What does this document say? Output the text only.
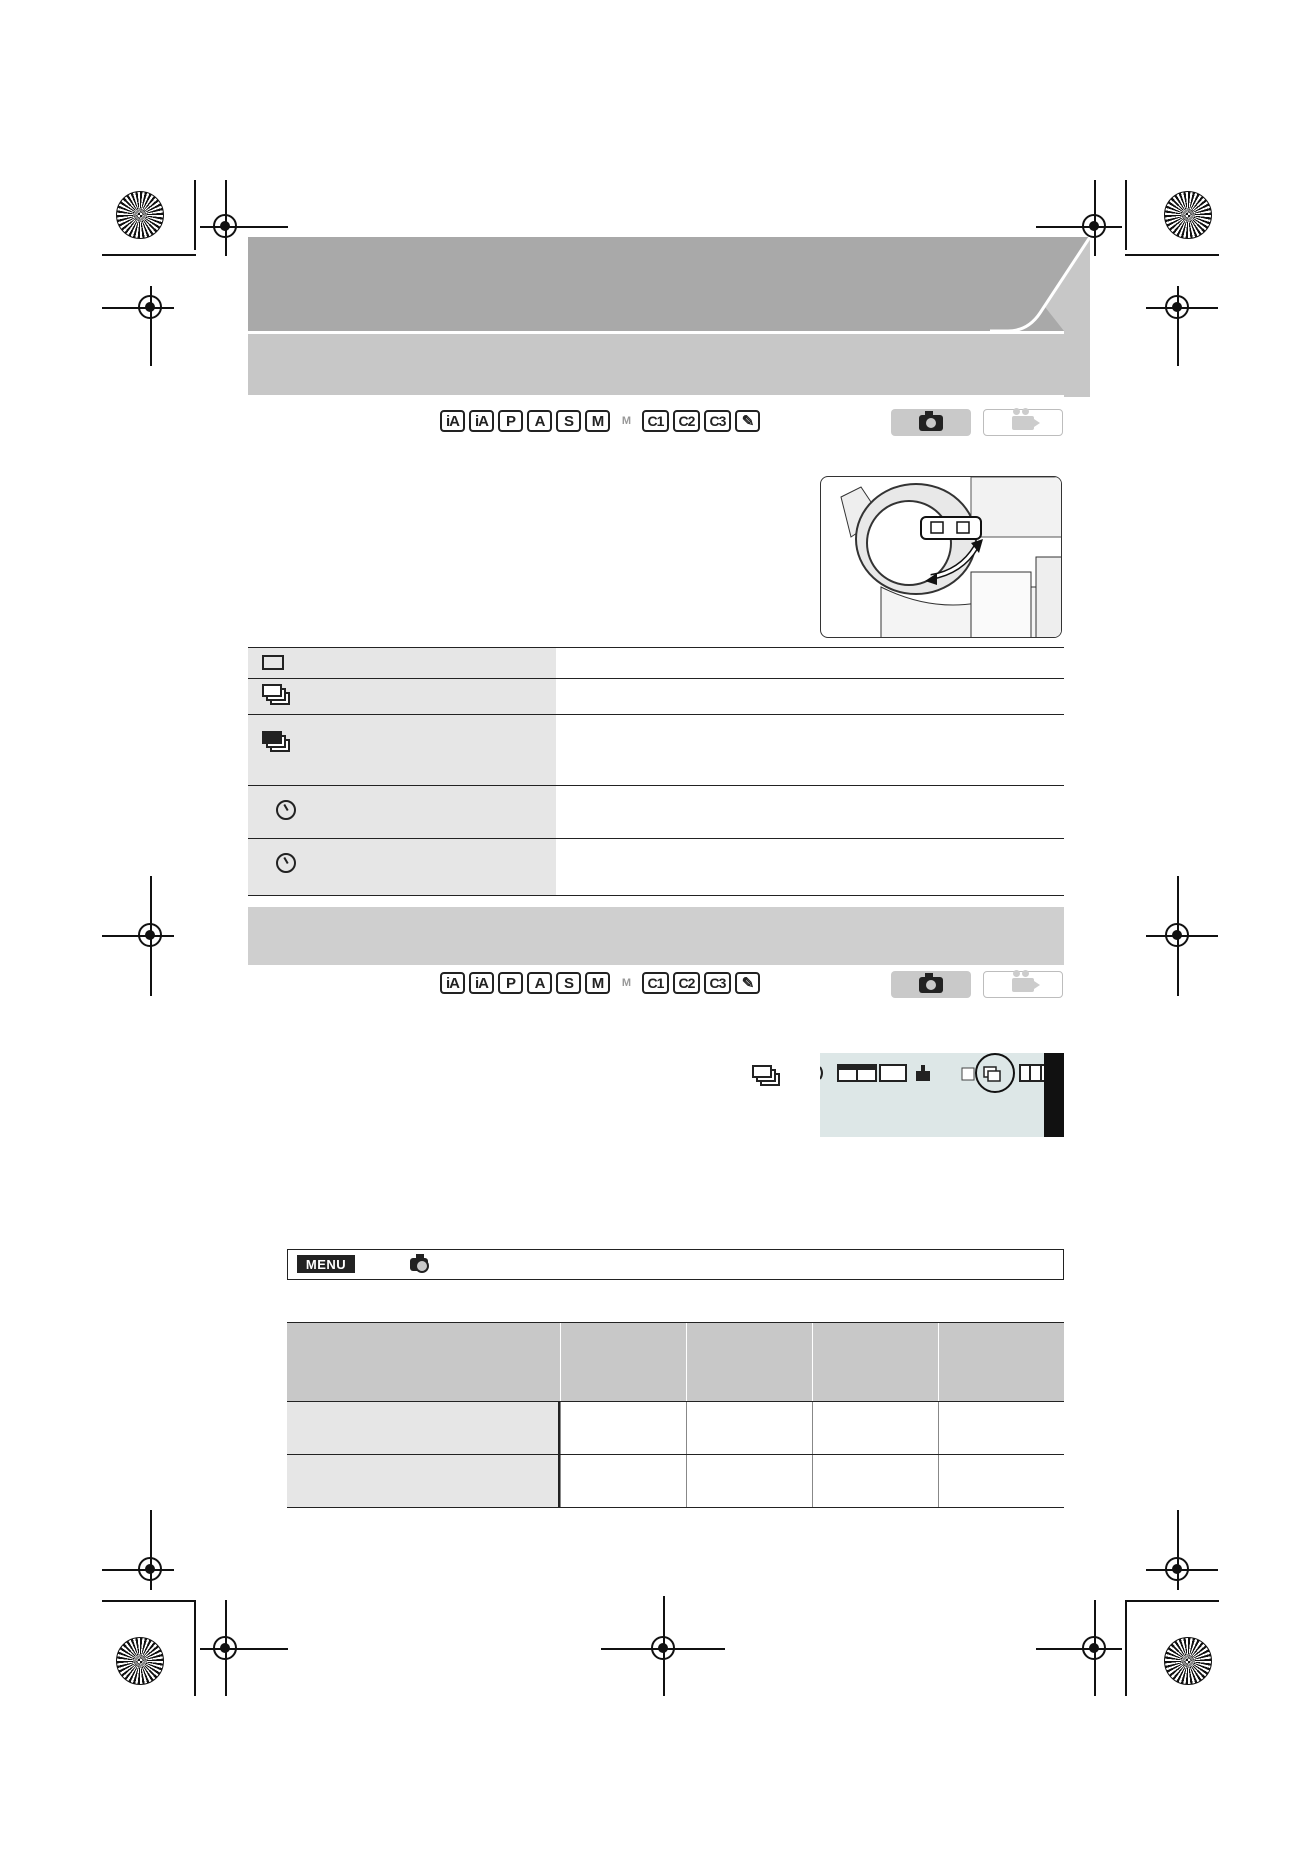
iA	iA	P	A	S	M	M	C1	C2	C3	✎

iA	iA	P	A	S	M	M	C1	C2	C3	✎
MENU
